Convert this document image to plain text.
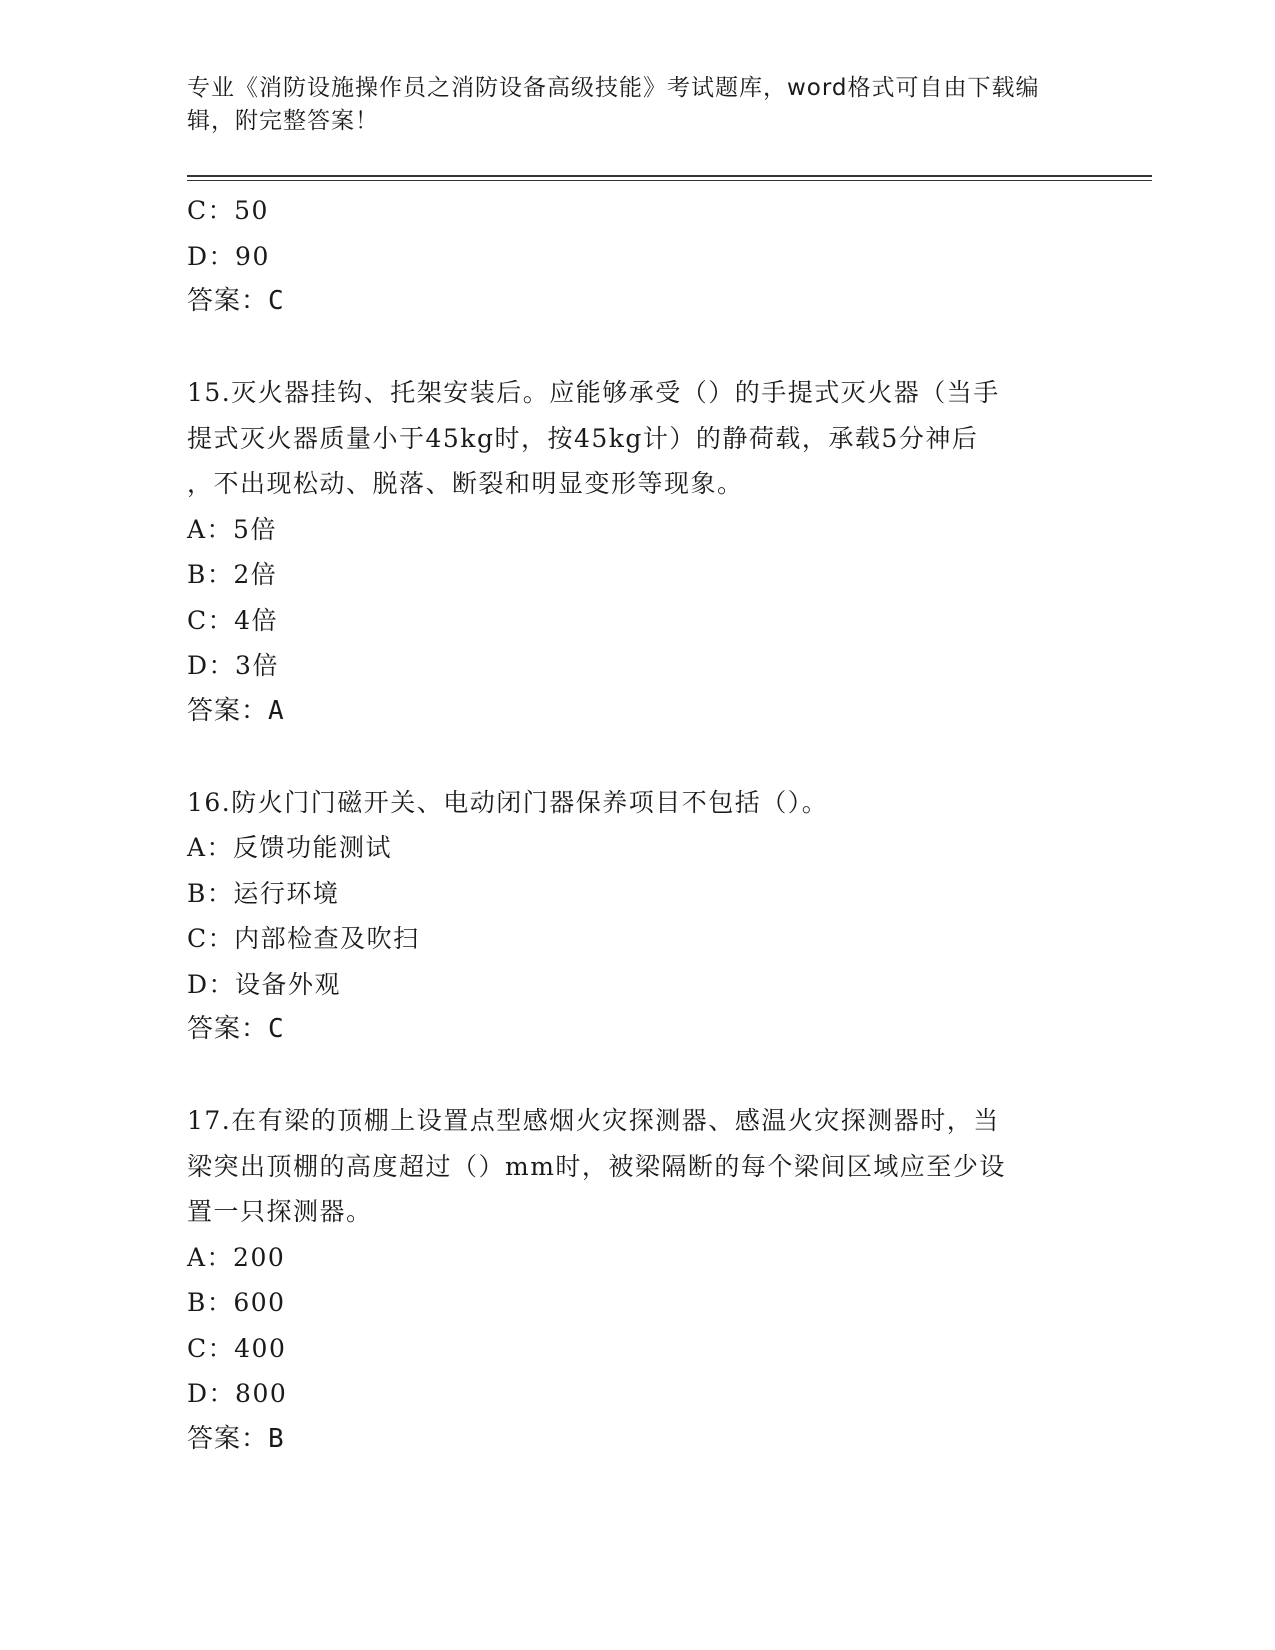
专业《消防设施操作员之消防设备高级技能》考试题库，word格式可自由下载编
辑，附完整答案！
C：50
D：90
答案：C
15.灭火器挂钩、托架安装后。应能够承受（）的手提式灭火器（当手
提式灭火器质量小于45kg时，按45kg计）的静荷载，承载5分神后
，不出现松动、脱落、断裂和明显变形等现象。
A：5倍
B：2倍
C：4倍
D：3倍
答案：A
16.防火门门磁开关、电动闭门器保养项目不包括（）。
A：反馈功能测试
B：运行环境
C：内部检查及吹扫
D：设备外观
答案：C
17.在有梁的顶棚上设置点型感烟火灾探测器、感温火灾探测器时，当
梁突出顶棚的高度超过（）mm时，被梁隔断的每个梁间区域应至少设
置一只探测器。
A：200
B：600
C：400
D：800
答案：B
